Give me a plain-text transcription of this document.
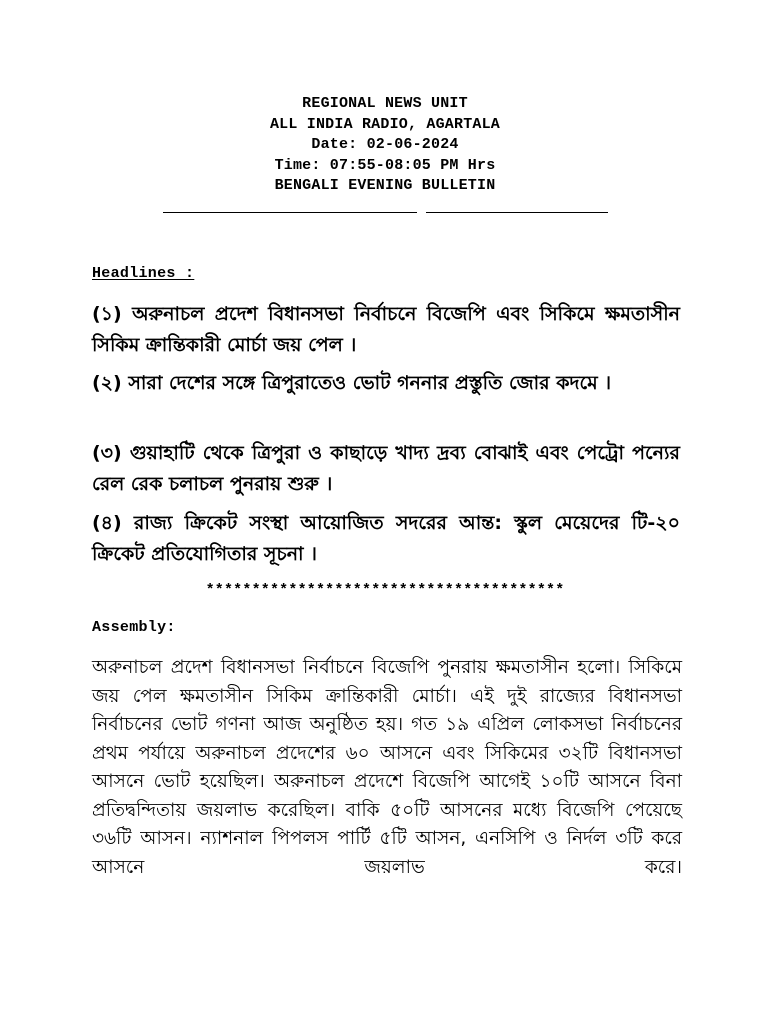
REGIONAL NEWS UNIT
ALL INDIA RADIO, AGARTALA
Date: 02-06-2024
Time: 07:55-08:05 PM Hrs
BENGALI EVENING BULLETIN
Headlines :
(১) অরুনাচল প্রদেশ বিধানসভা নির্বাচনে বিজেপি এবং সিকিমে ক্ষমতাসীন সিকিম ক্রান্তিকারী মোর্চা জয় পেল ।
(২) সারা দেশের সঙ্গে ত্রিপুরাতেও ভোট গননার প্রস্তুতি জোর কদমে ।
(৩) গুয়াহাটি থেকে ত্রিপুরা ও কাছাড়ে খাদ্য দ্রব্য বোঝাই এবং পেট্রো পন্যের রেল রেক চলাচল পুনরায় শুরু ।
(৪) রাজ্য ক্রিকেট সংস্থা আয়োজিত সদরের আন্ত: স্কুল মেয়েদের টি-২০ ক্রিকেট প্রতিযোগিতার সূচনা ।
***************************************
Assembly:
অরুনাচল প্রদেশ বিধানসভা নির্বাচনে বিজেপি পুনরায় ক্ষমতাসীন হলো। সিকিমে জয় পেল ক্ষমতাসীন সিকিম ক্রান্তিকারী মোর্চা। এই দুই রাজ্যের বিধানসভা নির্বাচনের ভোট গণনা আজ অনুষ্ঠিত হয়। গত ১৯ এপ্রিল লোকসভা নির্বাচনের প্রথম পর্যায়ে অরুনাচল প্রদেশের ৬০ আসনে এবং সিকিমের ৩২টি বিধানসভা আসনে ভোট হয়েছিল। অরুনাচল প্রদেশে বিজেপি আগেই ১০টি আসনে বিনা প্রতিদ্বন্দিতায় জয়লাভ করেছিল। বাকি ৫০টি আসনের মধ্যে বিজেপি পেয়েছে ৩৬টি আসন। ন্যাশনাল পিপলস পার্টি ৫টি আসন, এনসিপি ও নির্দল ৩টি করে আসনে জয়লাভ করে।
